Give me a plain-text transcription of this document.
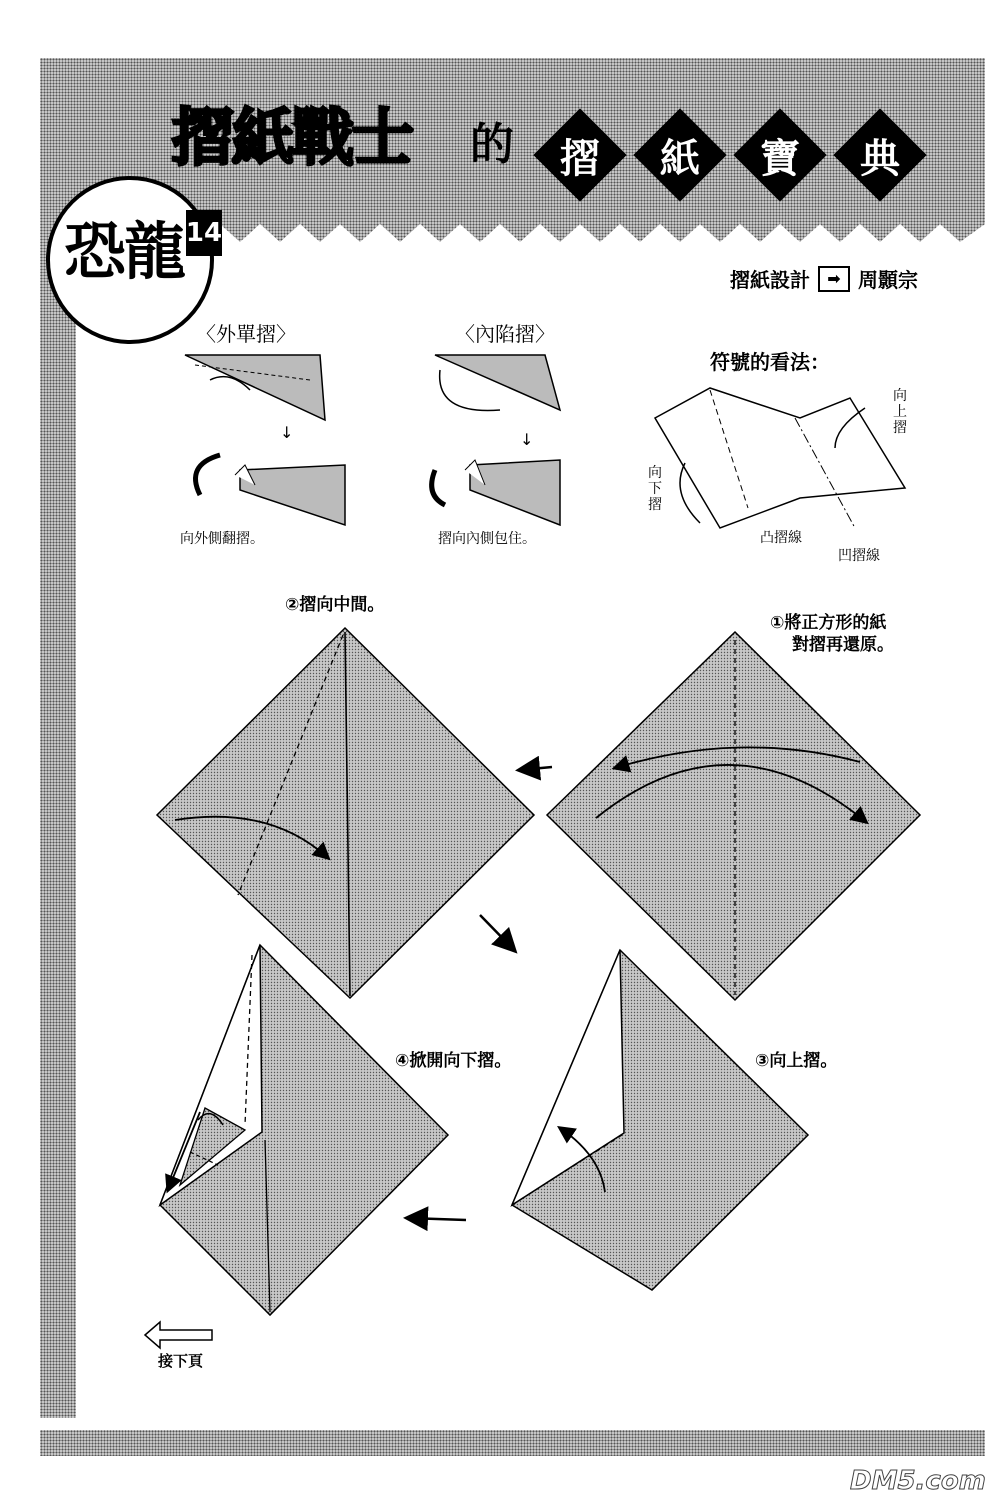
摺紙戰士 的	摺	紙	寶	典
恐龍 14
摺紙設計 ➡ 周顥宗
〈外單摺〉
↓
向外側翻摺。
〈內陷摺〉
↓
摺向內側包住。
符號的看法：
向上摺
向下摺
凸摺線
凹摺線
②摺向中間。
①將正方形的紙
對摺再還原。
④掀開向下摺。	③向上摺。
接下頁
DM5.com
